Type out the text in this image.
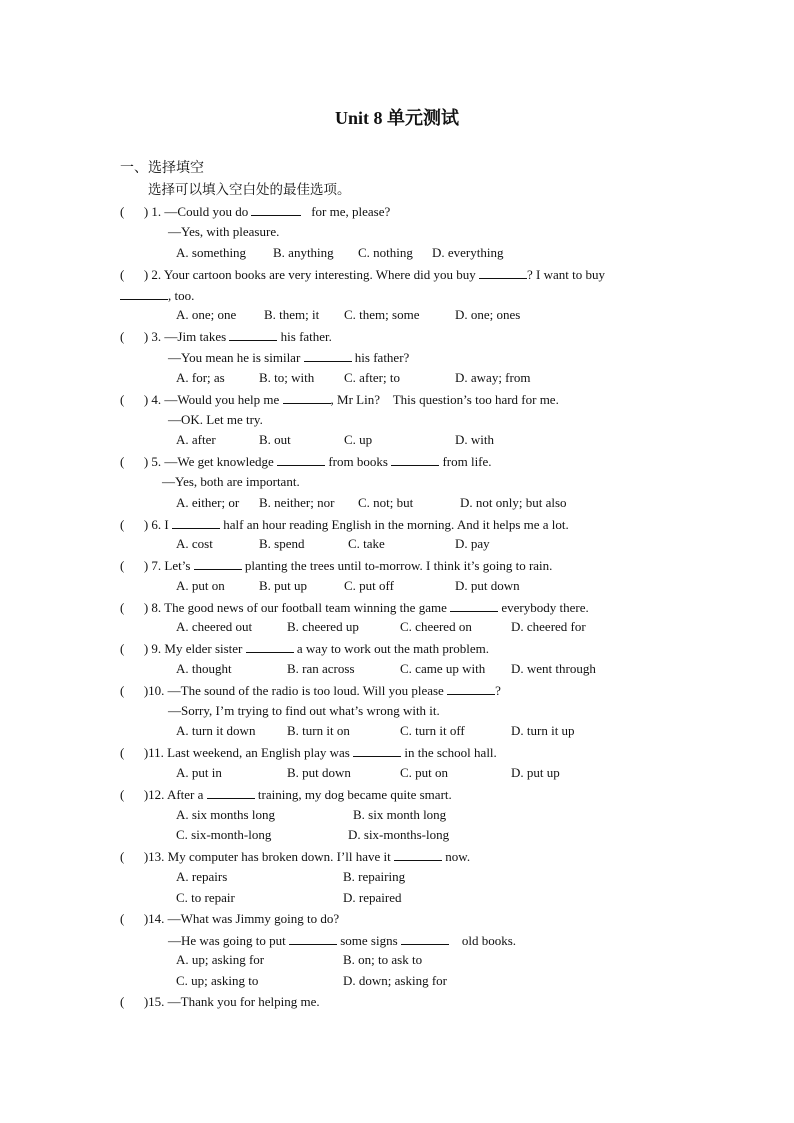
Unit 8 单元测试
一、选择填空
选择可以填入空白处的最佳选项。
(      ) 1. —Could you do	for me, please?
—Yes, with pleasure.

A. something

B. anything

C. nothing

D. everything

(      ) 2. Your cartoon books are very interesting. Where did you buy	? I want to buy
, too.

A. one; one

B. them; it

C. them; some

	D. one; ones

(      ) 3. —Jim takes	his father.
—You mean he is similar	his father?

A. for; as

	B. to; with

C. after; to

	D. away; from

(      ) 4. —Would you help me	, Mr Lin?    This question’s too hard for me.
—OK. Let me try.

A. after

	B. out

	C. up

	D. with

(      ) 5. —We get knowledge	from books	from life.
—Yes, both are important.

A. either; or

B. neither; nor

C. not; but

	D. not only; but also

(      ) 6. I	half an hour reading English in the morning. And it helps me a lot.

A. cost

	B. spend

	C. take

	D. pay

(      ) 7. Let’s	planting the trees until to-morrow. I think it’s going to rain.

A. put on

	B. put up

	C. put off

	D. put down

(      ) 8. The good news of our football team winning the game	everybody there.

A. cheered out

	B. cheered up

	C. cheered on

	D. cheered for

(      ) 9. My elder sister	a way to work out the math problem.

A. thought

	B. ran across

	C. came up with

D. went through

(      )10. —The sound of the radio is too loud. Will you please	?
—Sorry, I’m trying to find out what’s wrong with it.

A. turn it down

B. turn it on

	C. turn it off

	D. turn it up

(      )11. Last weekend, an English play was	in the school hall.

A. put in

	B. put down

	C. put on

	D. put up

(      )12. After a	training, my dog became quite smart.

A. six months long

	B. six month long

C. six-month-long

	D. six-months-long

(      )13. My computer has broken down. I’ll have it	now.

A. repairs

	B. repairing

C. to repair

	D. repaired

(      )14. —What was Jimmy going to do?
—He was going to put	some signs	old books.

A. up; asking for

	B. on; to ask to

C. up; asking to

	D. down; asking for

(      )15. —Thank you for helping me.
